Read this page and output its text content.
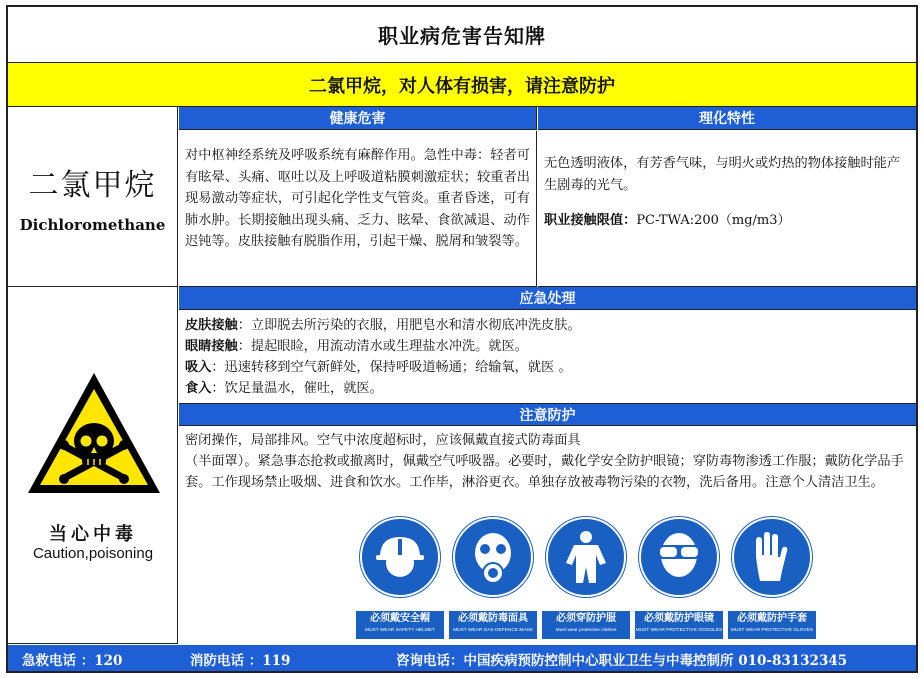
职业病危害告知牌
二氯甲烷，对人体有损害，请注意防护
二氯甲烷
Dichloromethane
健康危害	理化特性
对中枢神经系统及呼吸系统有麻醉作用。急性中毒：轻者可有眩晕、头痛、呕吐以及上呼吸道粘膜刺激症状；较重者出现易激动等症状，可引起化学性支气管炎。重者昏迷，可有肺水肿。长期接触出现头痛、乏力、眩晕、食欲减退、动作迟钝等。皮肤接触有脱脂作用，引起干燥、脱屑和皱裂等。

无色透明液体，有芳香气味，与明火或灼热的物体接触时能产生剧毒的光气。

职业接触限值：PC-TWA:200（mg/m3）

当心中毒
Caution,poisoning
应急处理
皮肤接触：立即脱去所污染的衣服，用肥皂水和清水彻底冲洗皮肤。
眼睛接触：提起眼睑，用流动清水或生理盐水冲洗。就医。
吸入：迅速转移到空气新鲜处，保持呼吸道畅通；给输氧，就医 。
食入：饮足量温水，催吐，就医。
注意防护
密闭操作，局部排风。空气中浓度超标时，应该佩戴直接式防毒面具
（半面罩）。紧急事态抢救或撤离时，佩戴空气呼吸器。必要时，戴化学安全防护眼镜；穿防毒物渗透工作服；戴防化学品手套。工作现场禁止吸烟、进食和饮水。工作毕，淋浴更衣。单独存放被毒物污染的衣物，洗后备用。注意个人清洁卫生。
必须戴安全帽
MUST WEAR SAFETY HELMET
必须戴防毒面具
MUST WEAR GAS DEFENCE MASK
必须穿防护服
Must wear protective clothes
必须戴防护眼镜
MUST WEAR PROTECTIVE GOGGLES
必须戴防护手套
MUST WEAR PROTECTIVE GLOVES
急救电话 ：120	消防电话 ：119	咨询电话：中国疾病预防控制中心职业卫生与中毒控制所 010-83132345
